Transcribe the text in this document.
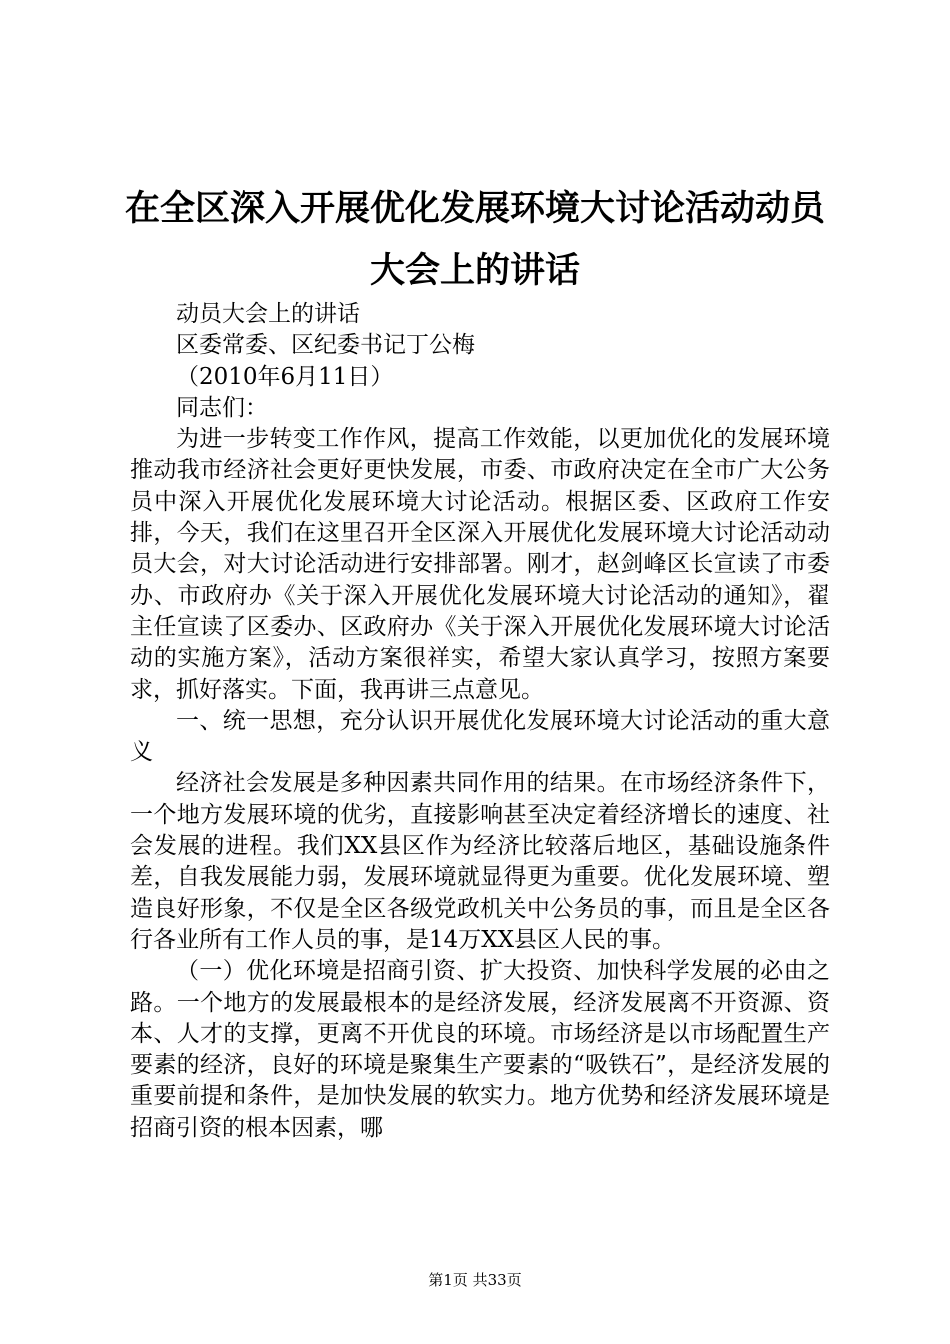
在全区深入开展优化发展环境大讨论活动动员
大会上的讲话

动员大会上的讲话

区委常委、区纪委书记丁公梅

（2010年6月11日）

同志们：

为进一步转变工作作风，提高工作效能，以更加优化的发展环境推动我市经济社会更好更快发展，市委、市政府决定在全市广大公务员中深入开展优化发展环境大讨论活动。根据区委、区政府工作安排，今天，我们在这里召开全区深入开展优化发展环境大讨论活动动员大会，对大讨论活动进行安排部署。刚才，赵剑峰区长宣读了市委办、市政府办《关于深入开展优化发展环境大讨论活动的通知》，翟主任宣读了区委办、区政府办《关于深入开展优化发展环境大讨论活动的实施方案》，活动方案很祥实，希望大家认真学习，按照方案要求，抓好落实。下面，我再讲三点意见。

一、统一思想，充分认识开展优化发展环境大讨论活动的重大意义

经济社会发展是多种因素共同作用的结果。在市场经济条件下，一个地方发展环境的优劣，直接影响甚至决定着经济增长的速度、社会发展的进程。我们XX县区作为经济比较落后地区，基础设施条件差，自我发展能力弱，发展环境就显得更为重要。优化发展环境、塑造良好形象，不仅是全区各级党政机关中公务员的事，而且是全区各行各业所有工作人员的事，是14万XX县区人民的事。

（一）优化环境是招商引资、扩大投资、加快科学发展的必由之路。一个地方的发展最根本的是经济发展，经济发展离不开资源、资本、人才的支撑，更离不开优良的环境。市场经济是以市场配置生产要素的经济，良好的环境是聚集生产要素的“吸铁石”，是经济发展的重要前提和条件，是加快发展的软实力。地方优势和经济发展环境是招商引资的根本因素，哪

第1页 共33页
